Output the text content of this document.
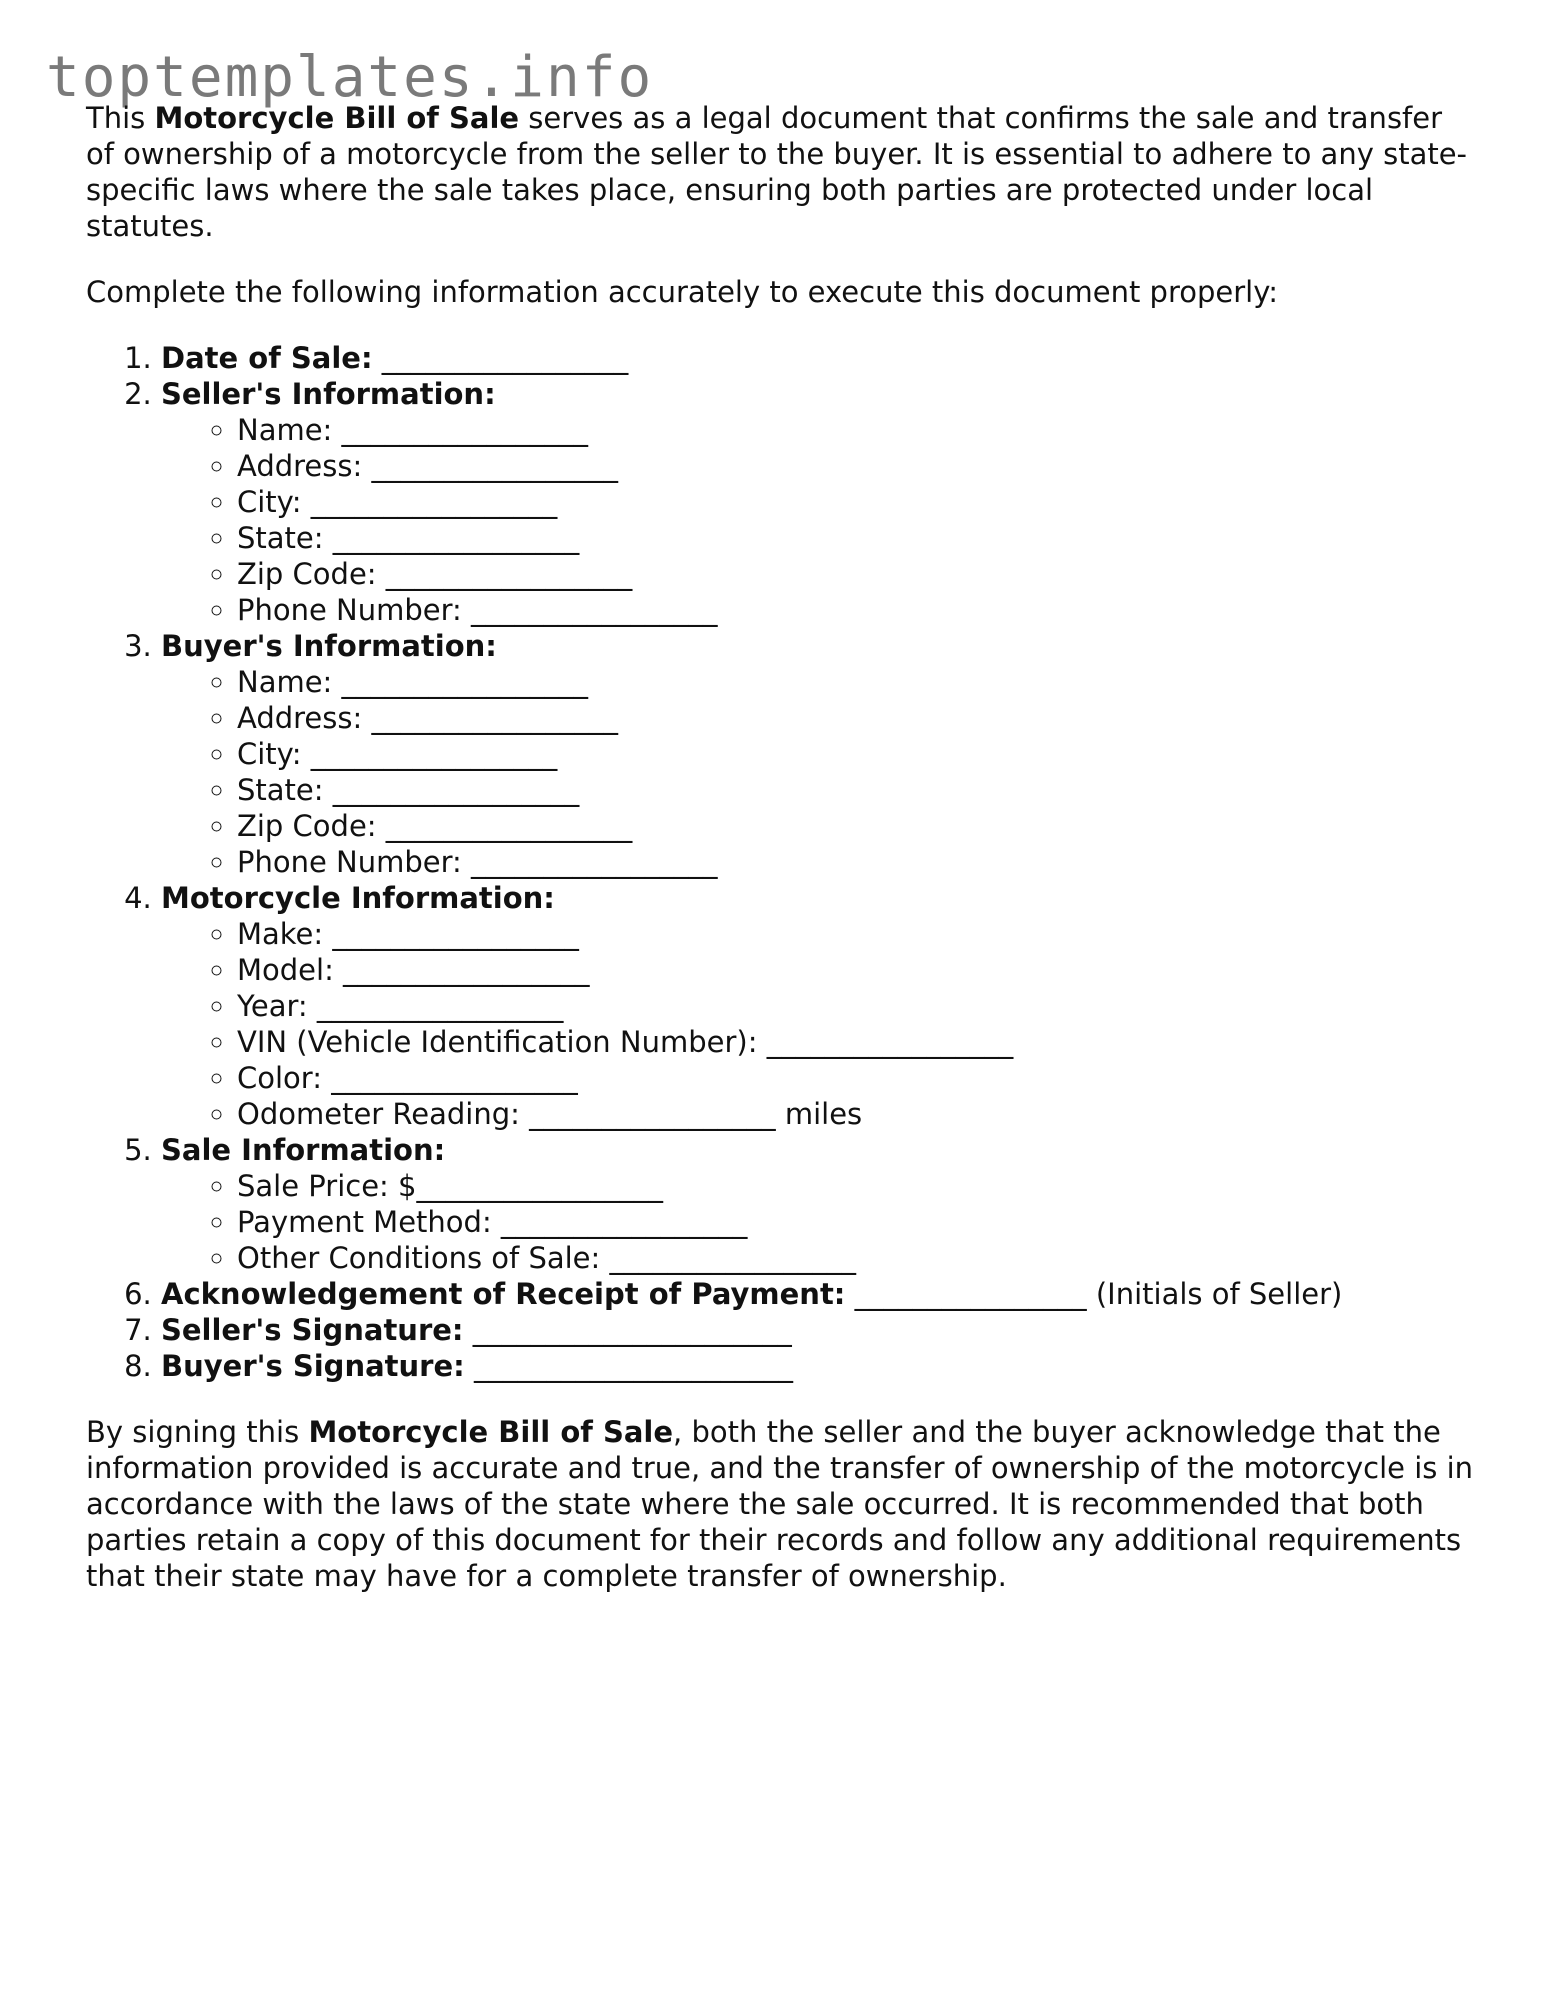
toptemplates.info

This Motorcycle Bill of Sale serves as a legal document that confirms the sale and transfer of ownership of a motorcycle from the seller to the buyer. It is essential to adhere to any state-specific laws where the sale takes place, ensuring both parties are protected under local statutes.

Complete the following information accurately to execute this document properly:

1. Date of Sale: _________________
2. Seller's Information:
◦ Name: _________________
◦ Address: _________________
◦ City: _________________
◦ State: _________________
◦ Zip Code: _________________
◦ Phone Number: _________________
3. Buyer's Information:
◦ Name: _________________
◦ Address: _________________
◦ City: _________________
◦ State: _________________
◦ Zip Code: _________________
◦ Phone Number: _________________
4. Motorcycle Information:
◦ Make: _________________
◦ Model: _________________
◦ Year: _________________
◦ VIN (Vehicle Identification Number): _________________
◦ Color: _________________
◦ Odometer Reading: _________________ miles
5. Sale Information:
◦ Sale Price: $_________________
◦ Payment Method: _________________
◦ Other Conditions of Sale: _________________
6. Acknowledgement of Receipt of Payment: ________________ (Initials of Seller)
7. Seller's Signature: ______________________
8. Buyer's Signature: ______________________

By signing this Motorcycle Bill of Sale, both the seller and the buyer acknowledge that the information provided is accurate and true, and the transfer of ownership of the motorcycle is in accordance with the laws of the state where the sale occurred. It is recommended that both parties retain a copy of this document for their records and follow any additional requirements that their state may have for a complete transfer of ownership.
